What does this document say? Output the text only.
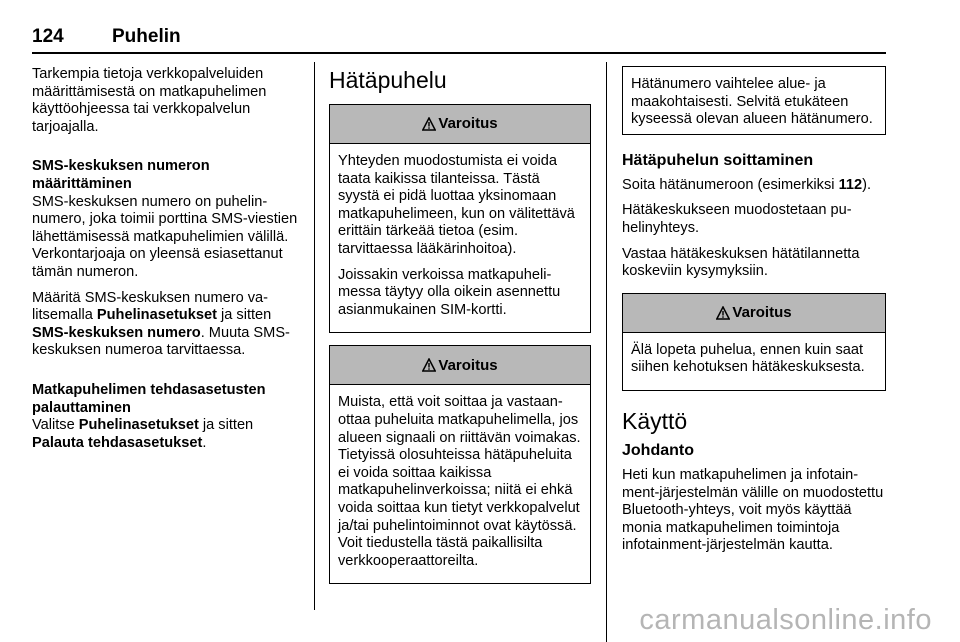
124	Puhelin

Tarkempia tietoja verkkopalveluiden määrittämisestä on matkapuhelimen käyttöohjeessa tai verkkopalvelun tarjoajalla.

SMS-keskuksen numeron
määrittäminen

SMS-keskuksen numero on puhelinnumero, joka toimii porttina SMS-viestien lähettämisessä matkapuhelimien välillä. Verkontarjoaja on yleensä esiasettanut tämän numeron.

Määritä SMS-keskuksen numero valitsemalla Puhelinasetukset ja sitten SMS-keskuksen numero. Muuta SMS-keskuksen numeroa tarvittaessa.

Matkapuhelimen tehdasasetusten
palauttaminen

Valitse Puhelinasetukset ja sitten Palauta tehdasasetukset.

Hätäpuhelu
Varoitus

Yhteyden muodostumista ei voida taata kaikissa tilanteissa. Tästä syystä ei pidä luottaa yksinomaan matkapuhelimeen, kun on välitettävä erittäin tärkeää tietoa (esim. tarvittaessa lääkärinhoitoa).

Joissakin verkoissa matkapuhelimessa täytyy olla oikein asennettu asianmukainen SIM-kortti.

Varoitus

Muista, että voit soittaa ja vastaanottaa puheluita matkapuhelimella, jos alueen signaali on riittävän voimakas. Tietyissä olosuhteissa hätäpuheluita ei voida soittaa kaikissa matkapuhelinverkoissa; niitä ei ehkä voida soittaa kun tietyt verkkopalvelut ja/tai puhelintoiminnot ovat käytössä. Voit tiedustella tästä paikallisilta verkkooperaattoreilta.

Hätänumero vaihtelee alue- ja maakohtaisesti. Selvitä etukäteen kyseessä olevan alueen hätänumero.
Hätäpuhelun soittaminen

Soita hätänumeroon (esimerkiksi 112).

Hätäkeskukseen muodostetaan puhelinyhteys.

Vastaa hätäkeskuksen hätätilannetta koskeviin kysymyksiin.

Varoitus

Älä lopeta puhelua, ennen kuin saat siihen kehotuksen hätäkeskuksesta.

Käyttö
Johdanto

Heti kun matkapuhelimen ja infotainment-järjestelmän välille on muodostettu Bluetooth-yhteys, voit myös käyttää monia matkapuhelimen toimintoja infotainment-järjestelmän kautta.

carmanualsonline.info
